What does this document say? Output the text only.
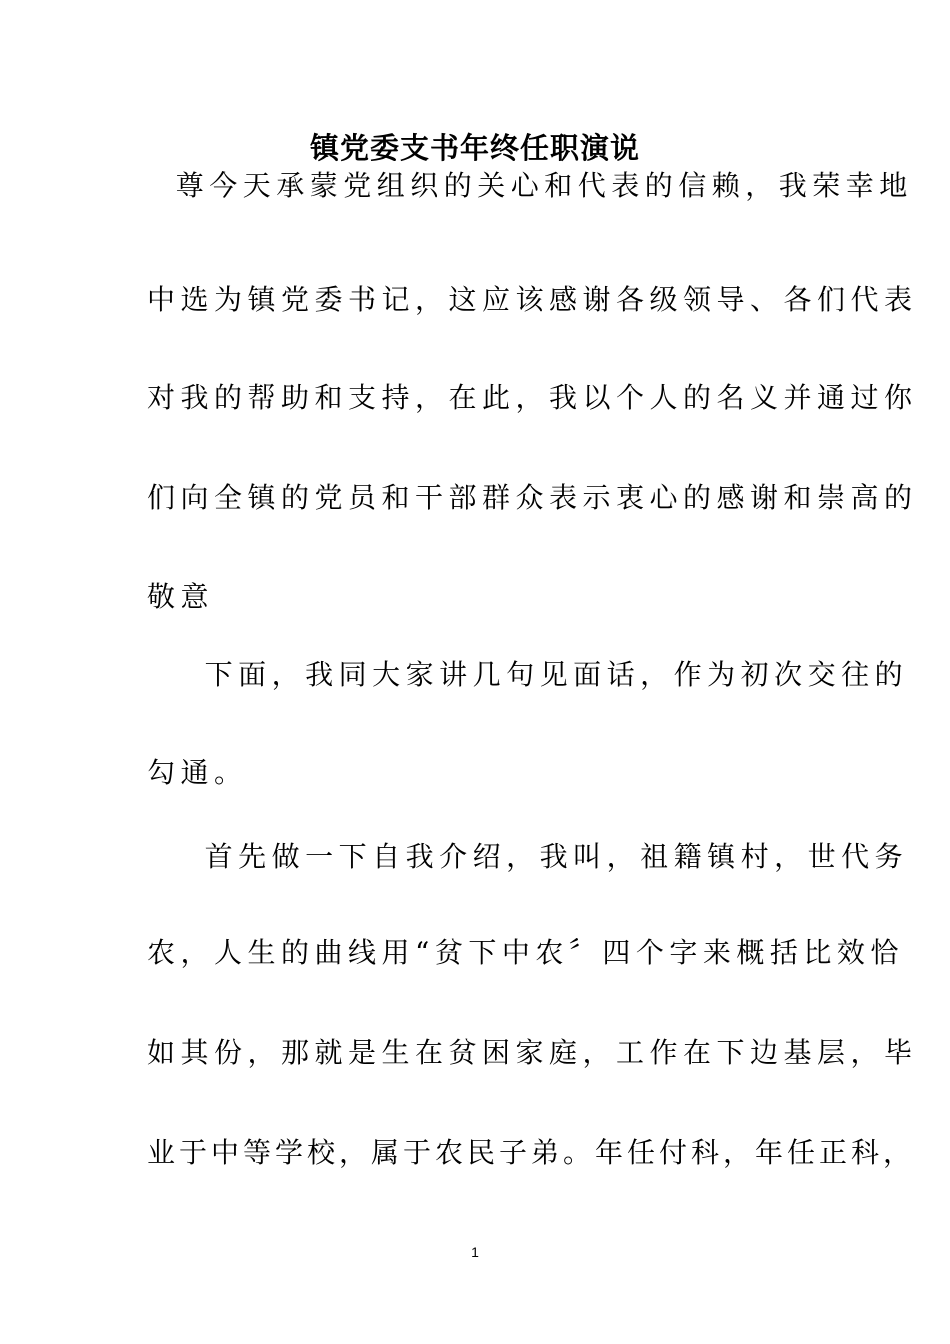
镇党委支书年终任职演说
尊今天承蒙党组织的关心和代表的信赖，我荣幸地
中选为镇党委书记，这应该感谢各级领导、各们代表
对我的帮助和支持，在此，我以个人的名义并通过你
们向全镇的党员和干部群众表示衷心的感谢和崇高的
敬意
下面，我同大家讲几句见面话，作为初次交往的
勾通。
首先做一下自我介绍，我叫，祖籍镇村，世代务
农，人生的曲线用“贫下中农〞四个字来概括比效恰
如其份，那就是生在贫困家庭，工作在下边基层，毕
业于中等学校，属于农民子弟。年任付科，年任正科，
1
